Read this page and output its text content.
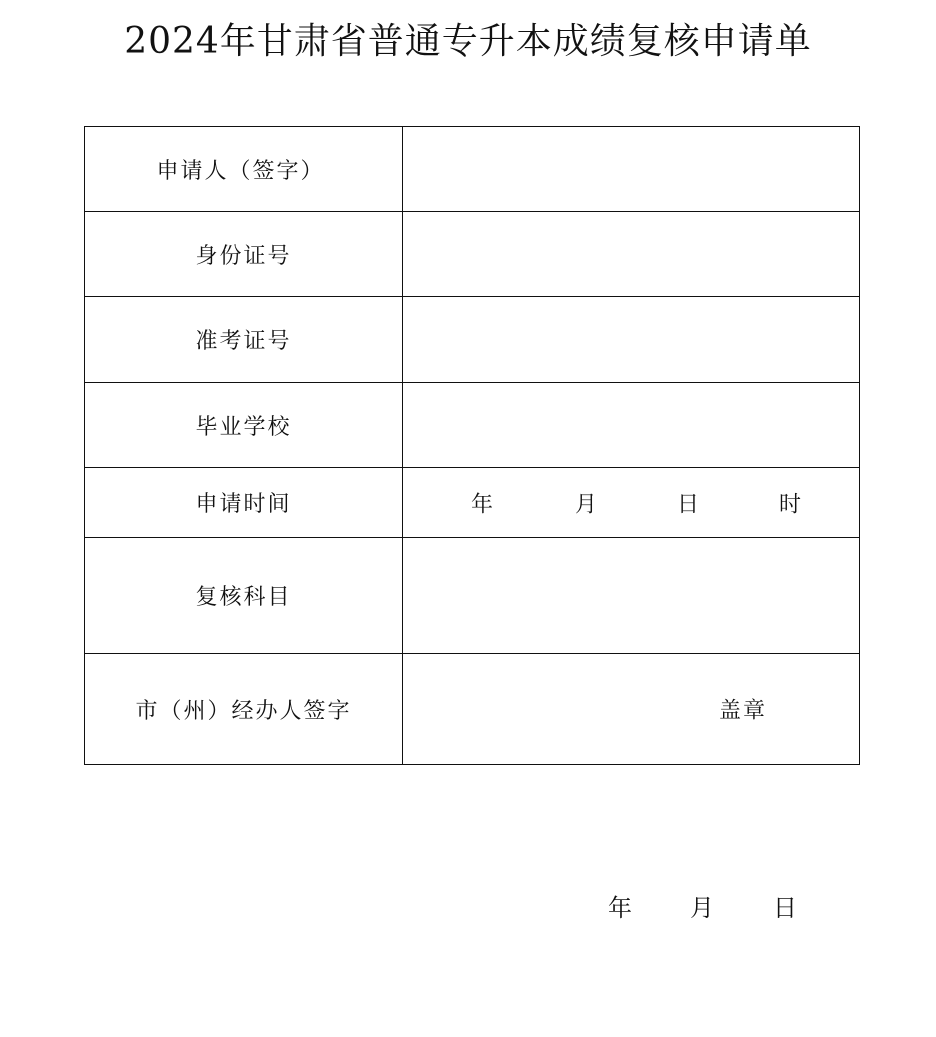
2024年甘肃省普通专升本成绩复核申请单
申请人（签字）	
身份证号	
准考证号	
毕业学校	
申请时间	年 月 日 时

复核科目	
市（州）经办人签字	盖章
年 月 日
